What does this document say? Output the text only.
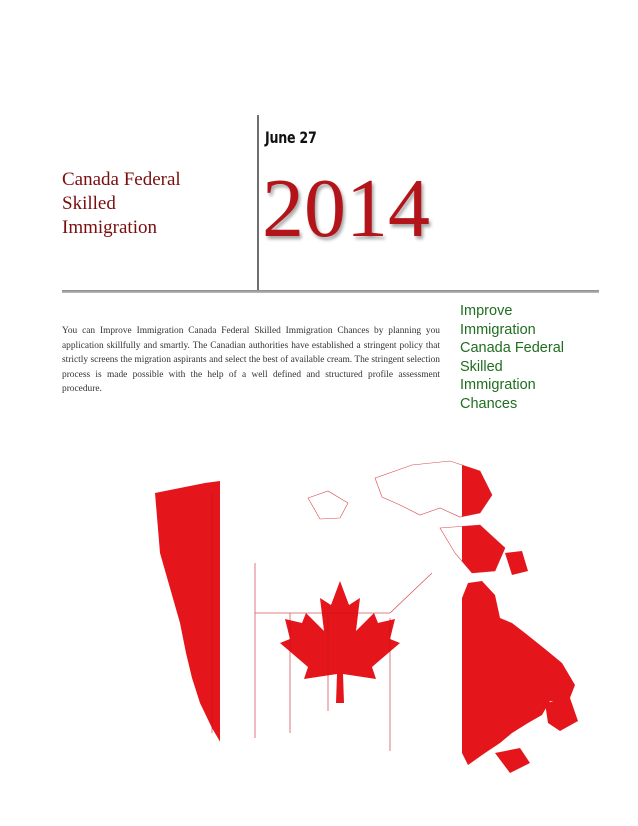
Canada Federal
Skilled
Immigration
June 27
2014
You can Improve Immigration Canada Federal Skilled Immigration Chances by planning you application skillfully and smartly. The Canadian authorities have established a stringent policy that strictly screens the migration aspirants and select the best of available cream. The stringent selection process is made possible with the help of a well defined and structured profile assessment procedure.
Improve
Immigration
Canada Federal
Skilled
Immigration
Chances
